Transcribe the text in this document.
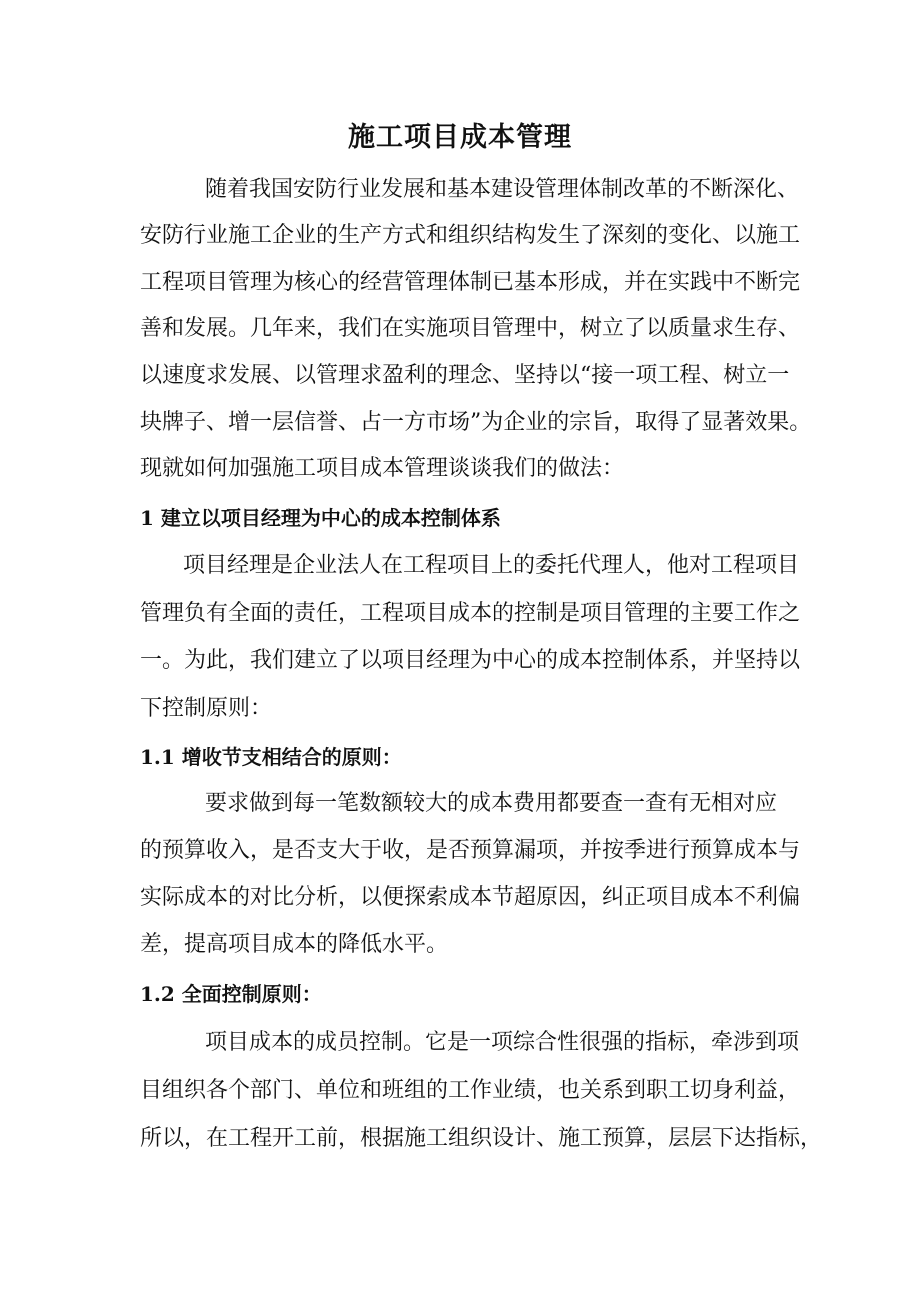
施工项目成本管理
随着我国安防行业发展和基本建设管理体制改革的不断深化、
安防行业施工企业的生产方式和组织结构发生了深刻的变化、以施工
工程项目管理为核心的经营管理体制已基本形成，并在实践中不断完
善和发展。几年来，我们在实施项目管理中，树立了以质量求生存、
以速度求发展、以管理求盈利的理念、坚持以“接一项工程、树立一
块牌子、增一层信誉、占一方市场”为企业的宗旨，取得了显著效果。
现就如何加强施工项目成本管理谈谈我们的做法：
1 建立以项目经理为中心的成本控制体系
项目经理是企业法人在工程项目上的委托代理人，他对工程项目
管理负有全面的责任，工程项目成本的控制是项目管理的主要工作之
一。为此，我们建立了以项目经理为中心的成本控制体系，并坚持以
下控制原则：
1.1 增收节支相结合的原则：
要求做到每一笔数额较大的成本费用都要查一查有无相对应
的预算收入，是否支大于收，是否预算漏项，并按季进行预算成本与
实际成本的对比分析，以便探索成本节超原因，纠正项目成本不利偏
差，提高项目成本的降低水平。
1.2 全面控制原则：
项目成本的成员控制。它是一项综合性很强的指标，牵涉到项
目组织各个部门、单位和班组的工作业绩，也关系到职工切身利益，
所以，在工程开工前，根据施工组织设计、施工预算，层层下达指标，
